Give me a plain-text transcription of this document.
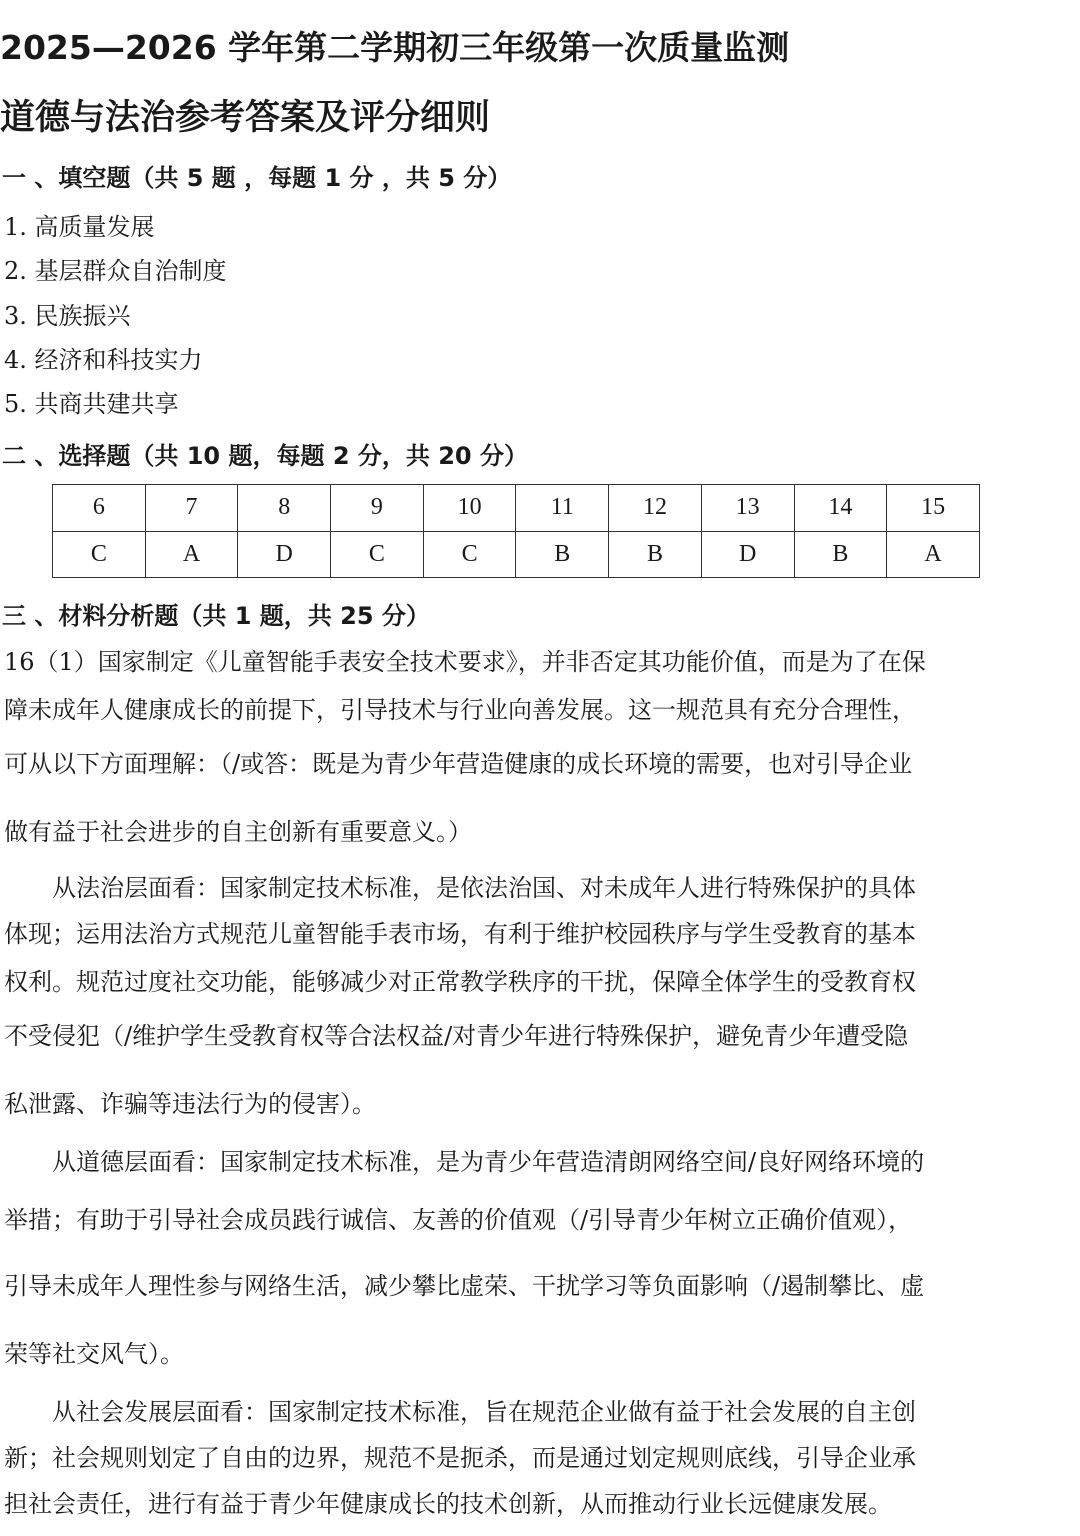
2025—2026 学年第二学期初三年级第一次质量监测
道德与法治参考答案及评分细则
一 、填空题（共 5 题 ，每题 1 分 ，共 5 分）
1. 高质量发展
2. 基层群众自治制度
3. 民族振兴
4. 经济和科技实力
5. 共商共建共享
二 、选择题（共 10 题，每题 2 分，共 20 分）
6	7	8	9	10	11	12	13	14	15
C	A	D	C	C	B	B	D	B	A
三 、材料分析题（共 1 题，共 25 分）
16（1）国家制定《儿童智能手表安全技术要求》，并非否定其功能价值，而是为了在保
障未成年人健康成长的前提下，引导技术与行业向善发展。这一规范具有充分合理性，
可从以下方面理解：（/或答：既是为青少年营造健康的成长环境的需要，也对引导企业
做有益于社会进步的自主创新有重要意义。）
从法治层面看：国家制定技术标准，是依法治国、对未成年人进行特殊保护的具体
体现；运用法治方式规范儿童智能手表市场，有利于维护校园秩序与学生受教育的基本
权利。规范过度社交功能，能够减少对正常教学秩序的干扰，保障全体学生的受教育权
不受侵犯（/维护学生受教育权等合法权益/对青少年进行特殊保护，避免青少年遭受隐
私泄露、诈骗等违法行为的侵害）。
从道德层面看：国家制定技术标准，是为青少年营造清朗网络空间/良好网络环境的
举措；有助于引导社会成员践行诚信、友善的价值观（/引导青少年树立正确价值观），
引导未成年人理性参与网络生活，减少攀比虚荣、干扰学习等负面影响（/遏制攀比、虚
荣等社交风气）。
从社会发展层面看：国家制定技术标准，旨在规范企业做有益于社会发展的自主创
新；社会规则划定了自由的边界，规范不是扼杀，而是通过划定规则底线，引导企业承
担社会责任，进行有益于青少年健康成长的技术创新，从而推动行业长远健康发展。
